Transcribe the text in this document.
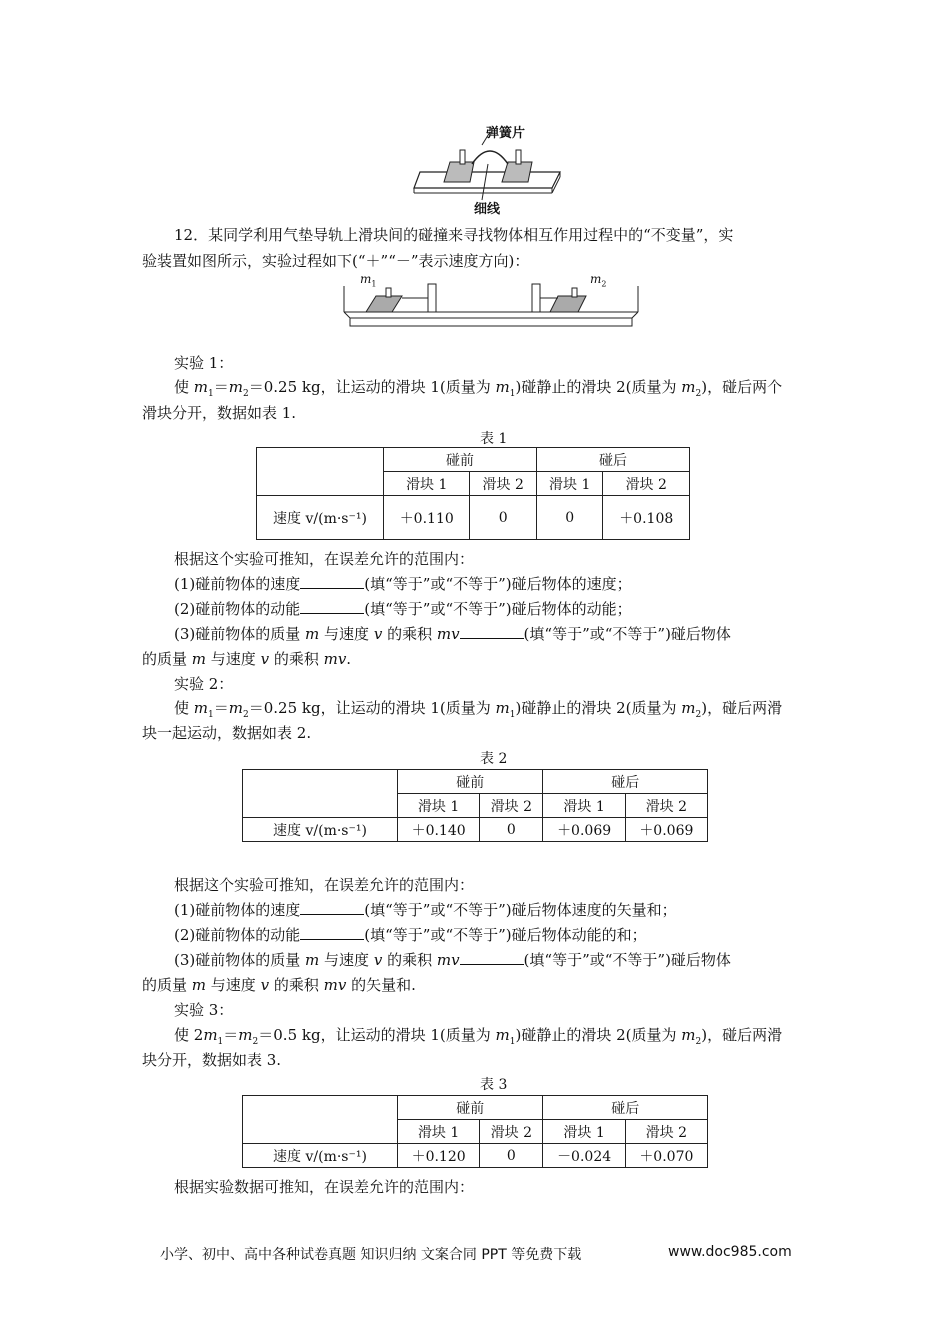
弹簧片
细线
12．某同学利用气垫导轨上滑块间的碰撞来寻找物体相互作用过程中的“不变量”，实
验装置如图所示，实验过程如下(“＋”“－”表示速度方向)：
$m_1$	$m_2$
实验 1：
使 $m_1=m_2=0.25$ kg，让运动的滑块 1(质量为 $m_1$)碰静止的滑块 2(质量为 $m_2$)，碰后两个
滑块分开，数据如表 1.
表 1
	碰前		碰后	
	滑块 1	滑块 2	滑块 1	滑块 2
速度 v/(m·s⁻¹)	＋0.110	0	0	＋0.108
根据这个实验可推知，在误差允许的范围内：
(1)碰前物体的速度	(填“等于”或“不等于”)碰后物体的速度；
(2)碰前物体的动能	(填“等于”或“不等于”)碰后物体的动能；
(3)碰前物体的质量 m 与速度 v 的乘积 mv	(填“等于”或“不等于”)碰后物体
的质量 m 与速度 v 的乘积 mv.
实验 2：
使 $m_1=m_2=0.25$ kg，让运动的滑块 1(质量为 $m_1$)碰静止的滑块 2(质量为 $m_2$)，碰后两滑
块一起运动，数据如表 2.
表 2
	碰前		碰后	
	滑块 1	滑块 2	滑块 1	滑块 2
速度 v/(m·s⁻¹)	＋0.140	0	＋0.069	＋0.069
根据这个实验可推知，在误差允许的范围内：
(1)碰前物体的速度	(填“等于”或“不等于”)碰后物体速度的矢量和；
(2)碰前物体的动能	(填“等于”或“不等于”)碰后物体动能的和；
(3)碰前物体的质量 m 与速度 v 的乘积 mv	(填“等于”或“不等于”)碰后物体
的质量 m 与速度 v 的乘积 mv 的矢量和.
实验 3：
使 $2m_1=m_2=0.5$ kg，让运动的滑块 1(质量为 $m_1$)碰静止的滑块 2(质量为 $m_2$)，碰后两滑
块分开，数据如表 3.
表 3
	碰前		碰后	
	滑块 1	滑块 2	滑块 1	滑块 2
速度 v/(m·s⁻¹)	＋0.120	0	－0.024	＋0.070
根据实验数据可推知，在误差允许的范围内：
小学、初中、高中各种试卷真题 知识归纳 文案合同 PPT 等免费下载	www.doc985.com
